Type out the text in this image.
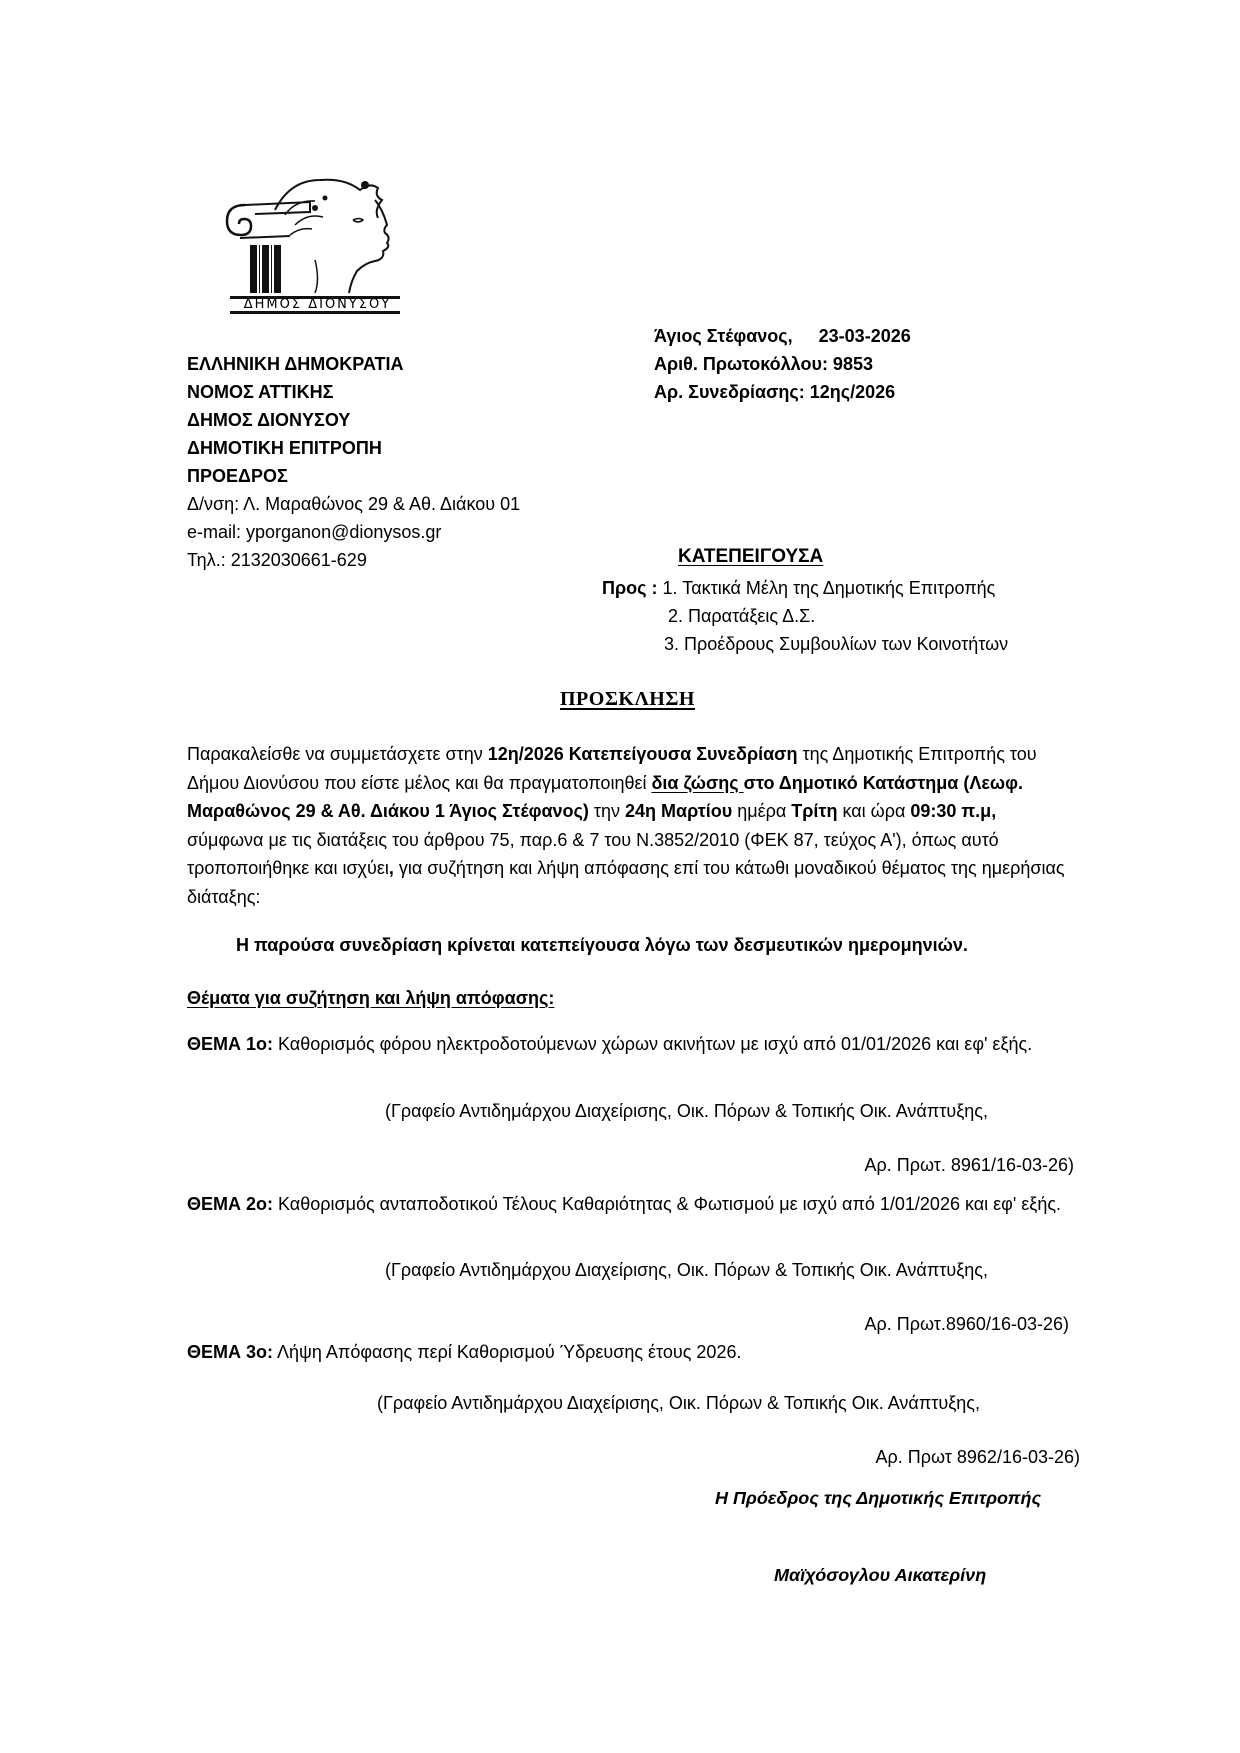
ΔΗΜΟΣ ΔΙΟΝΥΣΟΥ
ΕΛΛΗΝΙΚΗ ΔΗΜΟΚΡΑΤΙΑ
ΝΟΜΟΣ ΑΤΤΙΚΗΣ
ΔΗΜΟΣ ΔΙΟΝΥΣΟΥ
ΔΗΜΟΤΙΚΗ ΕΠΙΤΡΟΠΗ
ΠΡΟΕΔΡΟΣ
Δ/νση: Λ. Μαραθώνος 29 & Αθ. Διάκου 01
e-mail: yporganon@dionysos.gr
Τηλ.: 2132030661-629
Άγιος Στέφανος, 23-03-2026
Αριθ. Πρωτοκόλλου: 9853
Αρ. Συνεδρίασης: 12ης/2026
ΚΑΤΕΠΕΙΓΟΥΣΑ
Προς : 1. Τακτικά Μέλη της Δημοτικής Επιτροπής
2. Παρατάξεις Δ.Σ.
3. Προέδρους Συμβουλίων των Κοινοτήτων
ΠΡΟΣΚΛΗΣΗ

Παρακαλείσθε να συμμετάσχετε στην 12η/2026 Κατεπείγουσα Συνεδρίαση της Δημοτικής Επιτροπής του Δήμου Διονύσου που είστε μέλος και θα πραγματοποιηθεί δια ζώσης στο Δημοτικό Κατάστημα (Λεωφ. Μαραθώνος 29 & Αθ. Διάκου 1 Άγιος Στέφανος) την 24η Μαρτίου ημέρα Τρίτη και ώρα 09:30 π.μ, σύμφωνα με τις διατάξεις του άρθρου 75, παρ.6 & 7 του Ν.3852/2010 (ΦΕΚ 87, τεύχος Α'), όπως αυτό τροποποιήθηκε και ισχύει, για συζήτηση και λήψη απόφασης επί του κάτωθι μοναδικού θέματος της ημερήσιας διάταξης:

Η παρούσα συνεδρίαση κρίνεται κατεπείγουσα λόγω των δεσμευτικών ημερομηνιών.
Θέματα για συζήτηση και λήψη απόφασης:
ΘΕΜΑ 1ο: Καθορισμός φόρου ηλεκτροδοτούμενων χώρων ακινήτων με ισχύ από 01/01/2026 και εφ' εξής.
(Γραφείο Αντιδημάρχου Διαχείρισης, Οικ. Πόρων & Τοπικής Οικ. Ανάπτυξης,
Αρ. Πρωτ. 8961/16-03-26)
ΘΕΜΑ 2ο: Καθορισμός ανταποδοτικού Τέλους Καθαριότητας & Φωτισμού με ισχύ από 1/01/2026 και εφ' εξής.
(Γραφείο Αντιδημάρχου Διαχείρισης, Οικ. Πόρων & Τοπικής Οικ. Ανάπτυξης,
Αρ. Πρωτ.8960/16-03-26)
ΘΕΜΑ 3ο: Λήψη Απόφασης περί Καθορισμού Ύδρευσης έτους 2026.
(Γραφείο Αντιδημάρχου Διαχείρισης, Οικ. Πόρων & Τοπικής Οικ. Ανάπτυξης,
Αρ. Πρωτ 8962/16-03-26)
Η Πρόεδρος της Δημοτικής Επιτροπής
Μαϊχόσογλου Αικατερίνη
